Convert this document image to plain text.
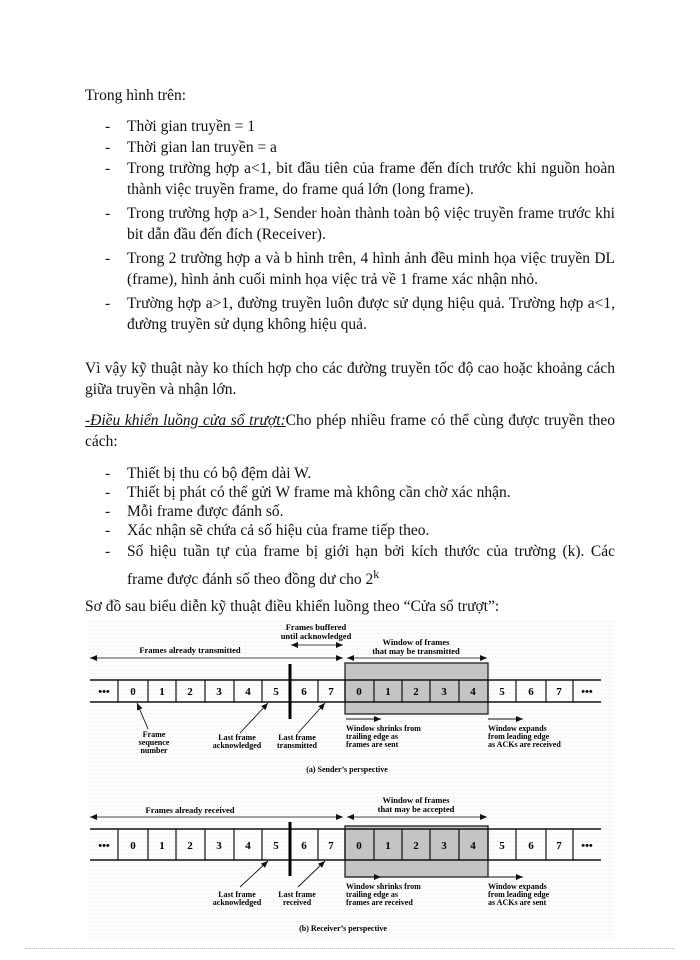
Trong hình trên:
- Thời gian truyền = 1
- Thời gian lan truyền = a
- Trong trường hợp a<1, bit đầu tiên của frame đến đích trước khi nguồn hoàn thành việc truyền frame, do frame quá lớn (long frame).
- Trong trường hợp a>1, Sender hoàn thành toàn bộ việc truyền frame trước khi bit dẫn đầu đến đích (Receiver).
- Trong 2 trường hợp a và b hình trên, 4 hình ảnh đều minh họa việc truyền DL (frame), hình ảnh cuối minh họa việc trả về 1 frame xác nhận nhỏ.
- Trường hợp a>1, đường truyền luôn được sử dụng hiệu quả. Trường hợp a<1, đường truyền sử dụng không hiệu quả.
Vì vậy kỹ thuật này ko thích hợp cho các đường truyền tốc độ cao hoặc khoảng cách giữa truyền và nhận lớn.
-Điều khiển luồng cửa sổ trượt:Cho phép nhiều frame có thể cùng được truyền theo cách:
- Thiết bị thu có bộ đệm dài W.
- Thiết bị phát có thể gửi W frame mà không cần chờ xác nhận.
- Mỗi frame được đánh số.
- Xác nhận sẽ chứa cả số hiệu của frame tiếp theo.
- Số hiệu tuần tự của frame bị giới hạn bởi kích thước của trường (k). Các frame được đánh số theo đồng dư cho 2$^k$
Sơ đồ sau biểu diễn kỹ thuật điều khiển luồng theo “Cửa sổ trượt”:
••• 0 1 2 3 4 5 6 7 0 1 2 3 4 5 6 7 •••
Frames buffered
until acknowledged
Frames already transmitted
Window of frames
that may be transmitted
Frame
sequence
number
Last frame
acknowledged
Last frame
transmitted
Window shrinks from
trailing edge as
frames are sent
Window expands
from leading edge
as ACKs are received
(a) Sender’s perspective
••• 0 1 2 3 4 5 6 7 0 1 2 3 4 5 6 7 •••
Frames already received
Window of frames
that may be accepted
Last frame
acknowledged
Last frame
received
Window shrinks from
trailing edge as
frames are received
Window expands
from leading edge
as ACKs are sent
(b) Receiver’s perspective
